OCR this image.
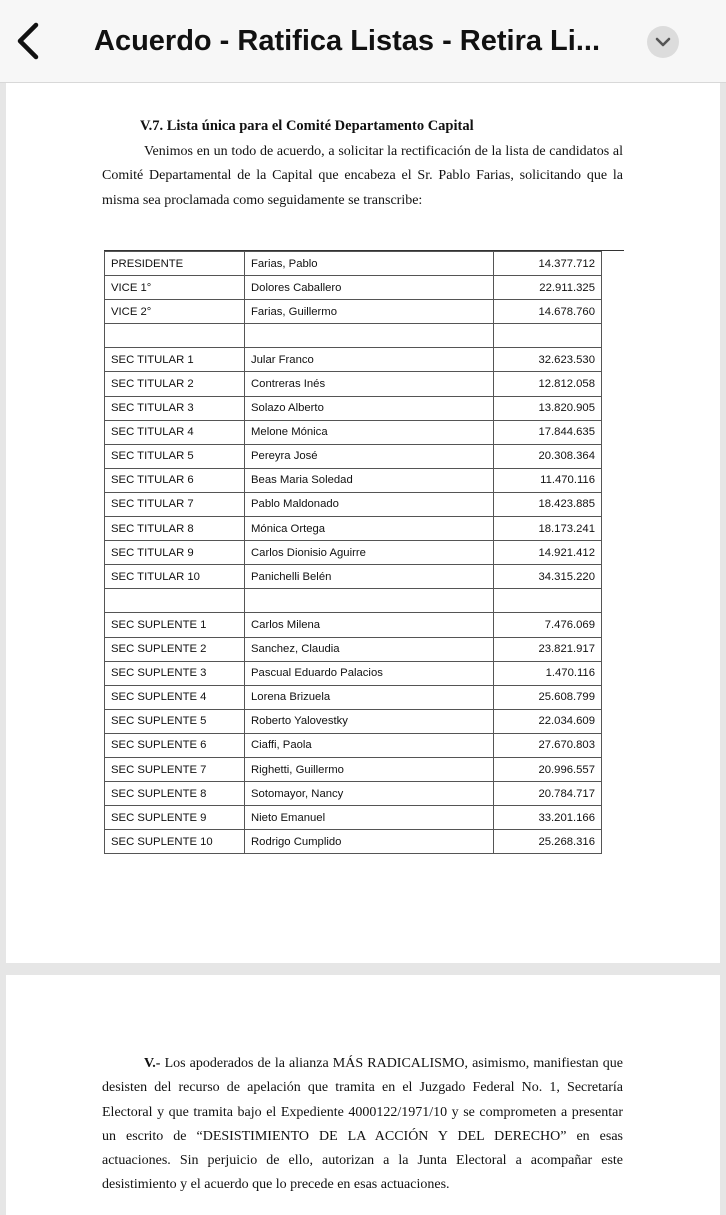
Acuerdo - Ratifica Listas - Retira Li...
V.7. Lista única para el Comité Departamento Capital

Venimos en un todo de acuerdo, a solicitar la rectificación de la lista de candidatos al Comité Departamental de la Capital que encabeza el Sr. Pablo Farias, solicitando que la misma sea proclamada como seguidamente se transcribe:

PRESIDENTE	Farias, Pablo	14.377.712
VICE 1°	Dolores Caballero	22.911.325
VICE 2°	Farias, Guillermo	14.678.760

SEC TITULAR 1	Jular Franco	32.623.530
SEC TITULAR 2	Contreras Inés	12.812.058
SEC TITULAR 3	Solazo Alberto	13.820.905
SEC TITULAR 4	Melone Mónica	17.844.635
SEC TITULAR 5	Pereyra José	20.308.364
SEC TITULAR 6	Beas Maria Soledad	11.470.116
SEC TITULAR 7	Pablo Maldonado	18.423.885
SEC TITULAR 8	Mónica Ortega	18.173.241
SEC TITULAR 9	Carlos Dionisio Aguirre	14.921.412
SEC TITULAR 10	Panichelli Belén	34.315.220

SEC SUPLENTE 1	Carlos Milena	7.476.069
SEC SUPLENTE 2	Sanchez, Claudia	23.821.917
SEC SUPLENTE 3	Pascual Eduardo Palacios	1.470.116
SEC SUPLENTE 4	Lorena Brizuela	25.608.799
SEC SUPLENTE 5	Roberto Yalovestky	22.034.609
SEC SUPLENTE 6	Ciaffi, Paola	27.670.803
SEC SUPLENTE 7	Righetti, Guillermo	20.996.557
SEC SUPLENTE 8	Sotomayor, Nancy	20.784.717
SEC SUPLENTE 9	Nieto Emanuel	33.201.166
SEC SUPLENTE 10	Rodrigo Cumplido	25.268.316

V.- Los apoderados de la alianza MÁS RADICALISMO, asimismo, manifiestan que desisten del recurso de apelación que tramita en el Juzgado Federal No. 1, Secretaría Electoral y que tramita bajo el Expediente 4000122/1971/10 y se comprometen a presentar un escrito de “DESISTIMIENTO DE LA ACCIÓN Y DEL DERECHO” en esas actuaciones. Sin perjuicio de ello, autorizan a la Junta Electoral a acompañar este desistimiento y el acuerdo que lo precede en esas actuaciones.
